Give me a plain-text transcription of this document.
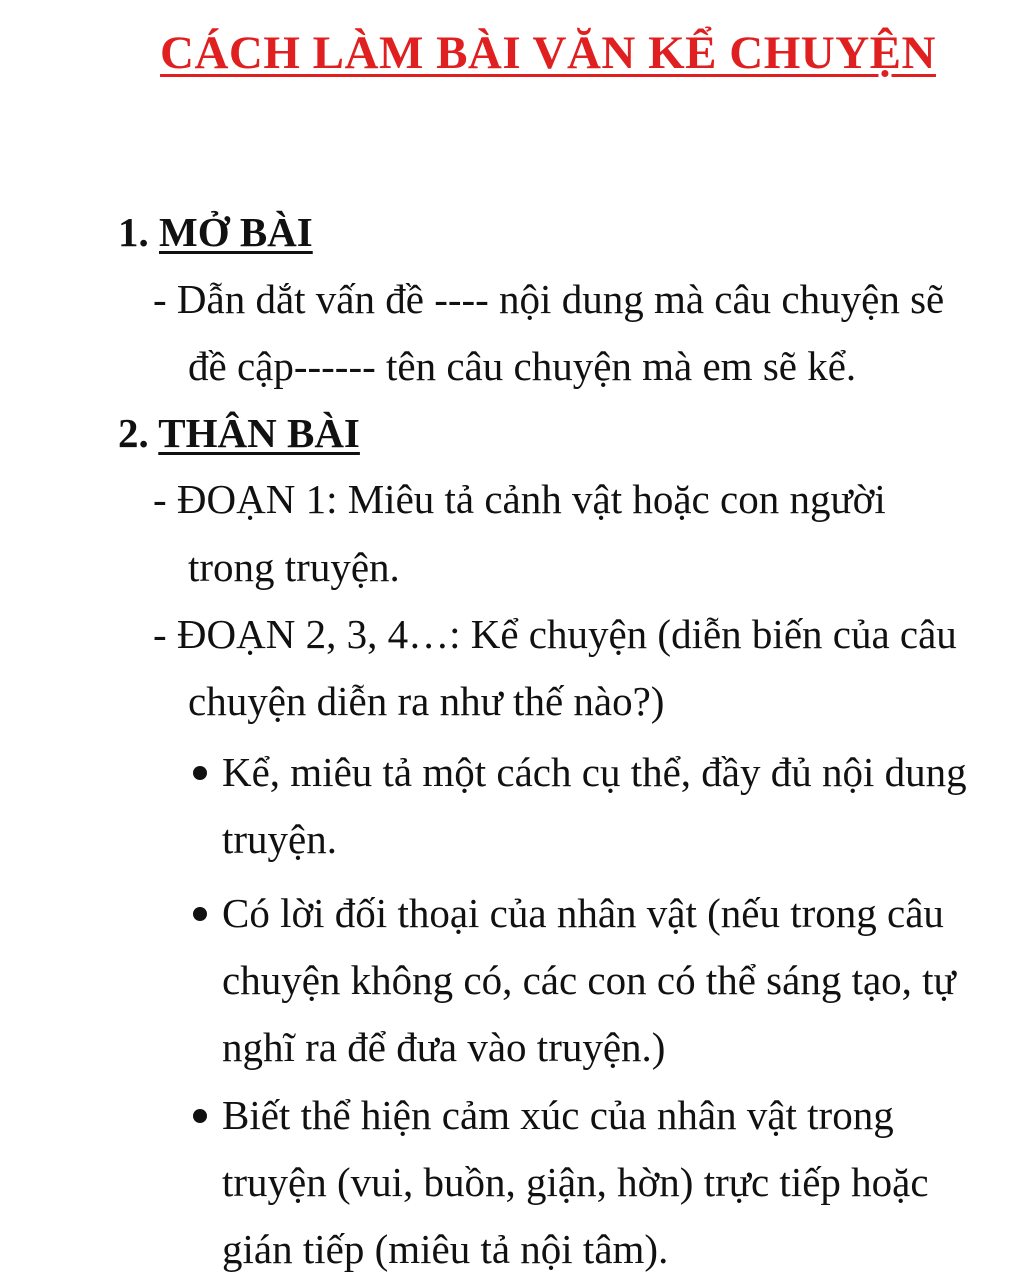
CÁCH LÀM BÀI VĂN KỂ CHUYỆN
1. MỞ BÀI
- Dẫn dắt vấn đề ---- nội dung mà câu chuyện sẽ
đề cập------ tên câu chuyện mà em sẽ kể.
2. THÂN BÀI
- ĐOẠN 1: Miêu tả cảnh vật hoặc con người
trong truyện.
- ĐOẠN 2, 3, 4…: Kể chuyện (diễn biến của câu
chuyện diễn ra như thế nào?)
Kể, miêu tả một cách cụ thể, đầy đủ nội dung
truyện.
Có lời đối thoại của nhân vật (nếu trong câu
chuyện không có, các con có thể sáng tạo, tự
nghĩ ra để đưa vào truyện.)
Biết thể hiện cảm xúc của nhân vật trong
truyện (vui, buồn, giận, hờn) trực tiếp hoặc
gián tiếp (miêu tả nội tâm).
